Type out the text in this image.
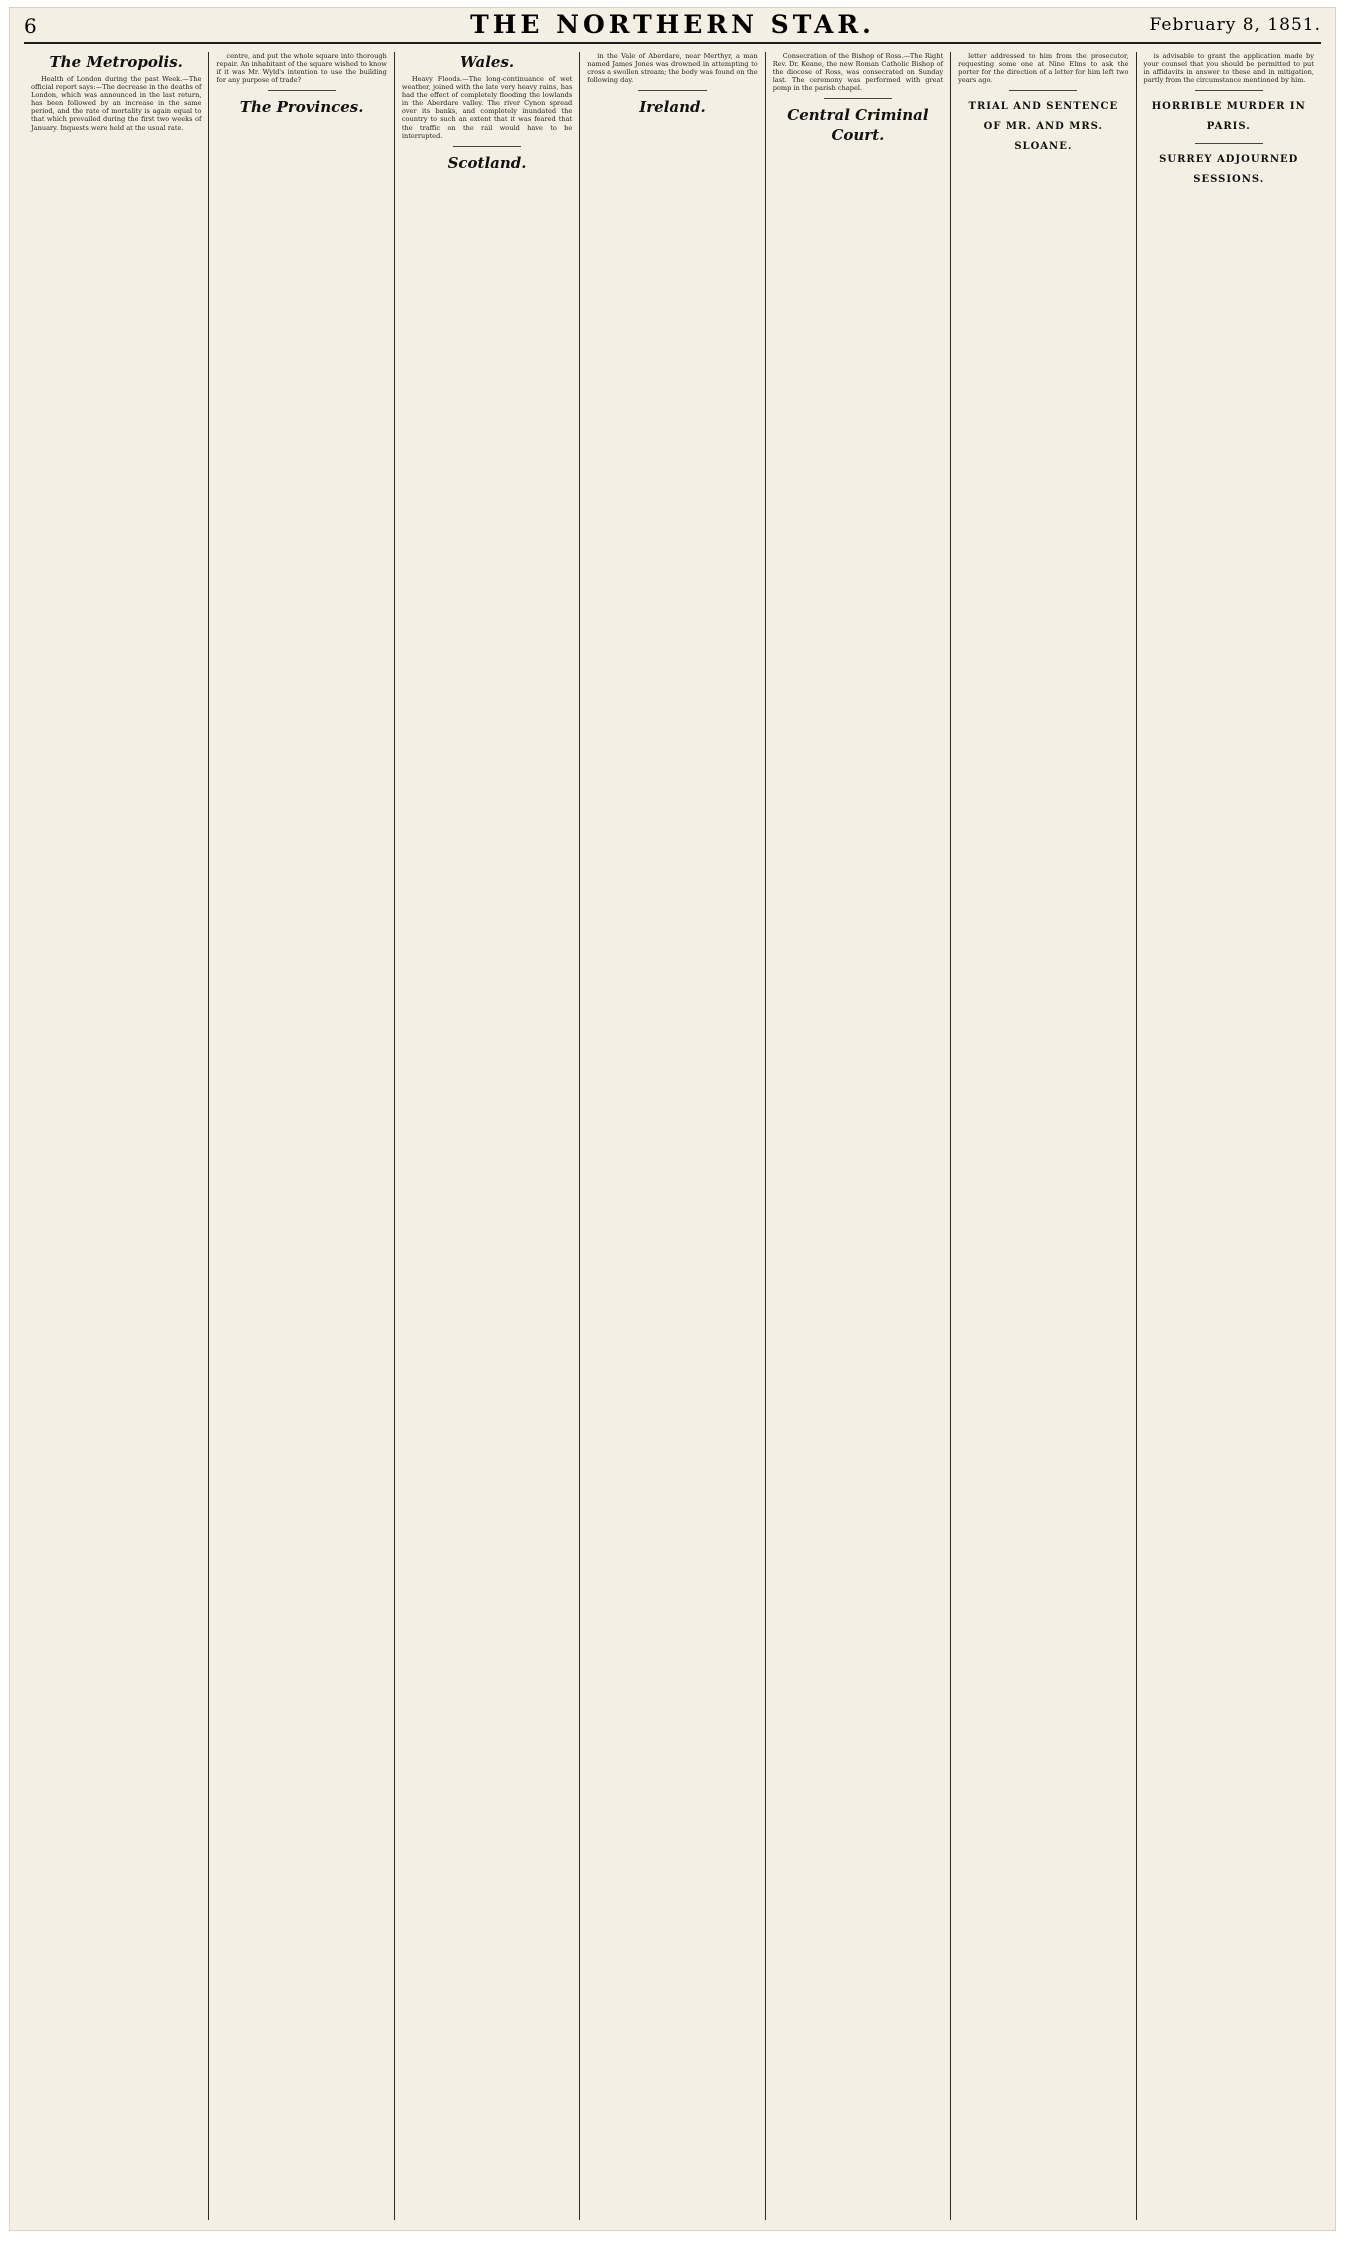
6	THE NORTHERN STAR.	February 8, 1851.
The Metropolis.

Health of London during the past Week.—The official report says:—The decrease in the deaths of London, which was announced in the last return, has been followed by an increase in the same period, and the rate of mortality is again equal to that which prevailed during the first two weeks of January. Inquests were held at the usual rate.

centre, and put the whole square into thorough repair. An inhabitant of the square wished to know if it was Mr. Wyld's intention to use the building for any purpose of trade?

The Provinces.
Wales.

Heavy Floods.—The long-continuance of wet weather, joined with the late very heavy rains, has had the effect of completely flooding the lowlands in the Aberdare valley. The river Cynon spread over its banks, and completely inundated the country to such an extent that it was feared that the traffic on the rail would have to be interrupted.

Scotland.

in the Vale of Aberdare, near Merthyr, a man named James Jones was drowned in attempting to cross a swollen stream; the body was found on the following day.

Ireland.

Consecration of the Bishop of Ross.—The Right Rev. Dr. Keane, the new Roman Catholic Bishop of the diocese of Ross, was consecrated on Sunday last. The ceremony was performed with great pomp in the parish chapel.

Central Criminal Court.

letter addressed to him from the prosecutor, requesting some one at Nine Elms to ask the porter for the direction of a letter for him left two years ago.

TRIAL AND SENTENCE OF MR. AND MRS. SLOANE.

is advisable to grant the application made by your counsel that you should be permitted to put in affidavits in answer to these and in mitigation, partly from the circumstance mentioned by him.

HORRIBLE MURDER IN PARIS.
SURREY ADJOURNED SESSIONS.
